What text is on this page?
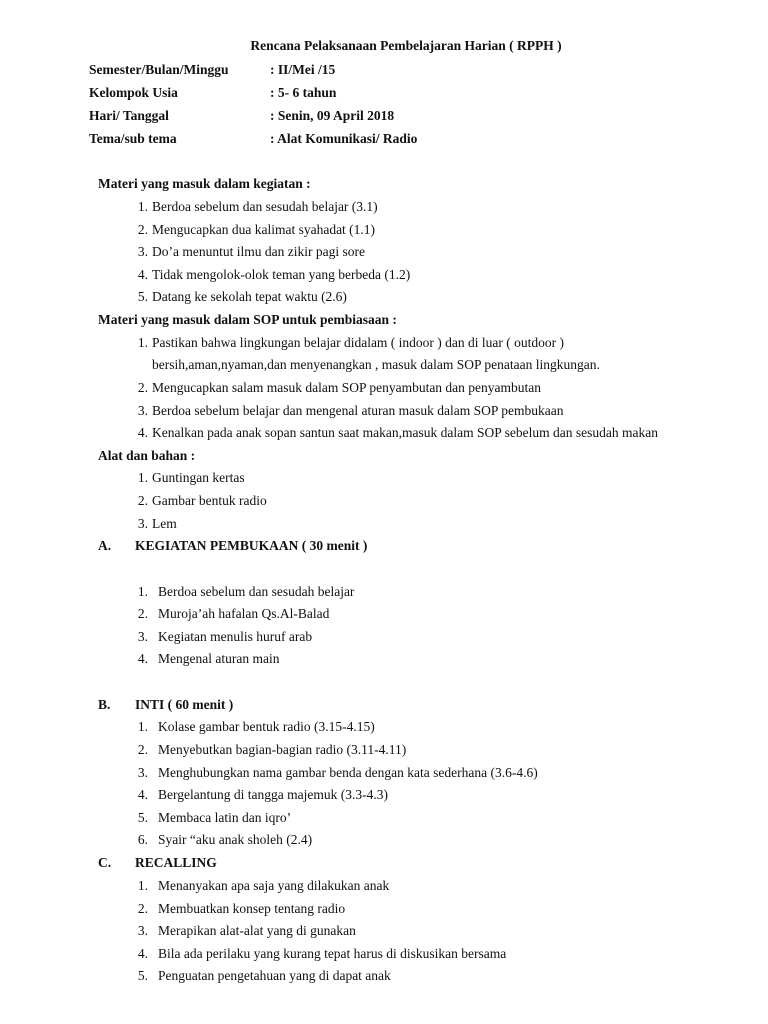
Rencana Pelaksanaan Pembelajaran Harian ( RPPH )
Semester/Bulan/Minggu	: II/Mei /15
Kelompok Usia	: 5- 6 tahun
Hari/ Tanggal	: Senin, 09 April 2018
Tema/sub tema	: Alat Komunikasi/ Radio
Materi yang masuk dalam kegiatan :
1. Berdoa sebelum dan sesudah belajar (3.1)
2. Mengucapkan dua kalimat syahadat (1.1)
3. Do’a menuntut ilmu dan zikir pagi sore
4. Tidak mengolok-olok teman yang berbeda (1.2)
5. Datang ke sekolah tepat waktu (2.6)
Materi yang masuk dalam SOP untuk pembiasaan :
1. Pastikan bahwa lingkungan belajar didalam ( indoor ) dan di luar ( outdoor )
bersih,aman,nyaman,dan menyenangkan , masuk dalam SOP penataan lingkungan.
2. Mengucapkan salam masuk dalam SOP penyambutan dan penyambutan
3. Berdoa sebelum belajar dan mengenal aturan masuk dalam SOP pembukaan
4. Kenalkan pada anak sopan santun saat makan,masuk dalam SOP sebelum dan sesudah makan
Alat dan bahan :
1. Guntingan kertas
2. Gambar bentuk radio
3. Lem
A. KEGIATAN PEMBUKAAN ( 30 menit )
1. Berdoa sebelum dan sesudah belajar
2. Muroja’ah hafalan Qs.Al-Balad
3. Kegiatan menulis huruf arab
4. Mengenal aturan main
B. INTI ( 60 menit )
1. Kolase gambar bentuk radio (3.15-4.15)
2. Menyebutkan bagian-bagian radio (3.11-4.11)
3. Menghubungkan nama gambar benda dengan kata sederhana (3.6-4.6)
4. Bergelantung di tangga majemuk (3.3-4.3)
5. Membaca latin dan iqro’
6. Syair “aku anak sholeh (2.4)
C. RECALLING
1. Menanyakan apa saja yang dilakukan anak
2. Membuatkan konsep tentang radio
3. Merapikan alat-alat yang di gunakan
4. Bila ada perilaku yang kurang tepat harus di diskusikan bersama
5. Penguatan pengetahuan yang di dapat anak
